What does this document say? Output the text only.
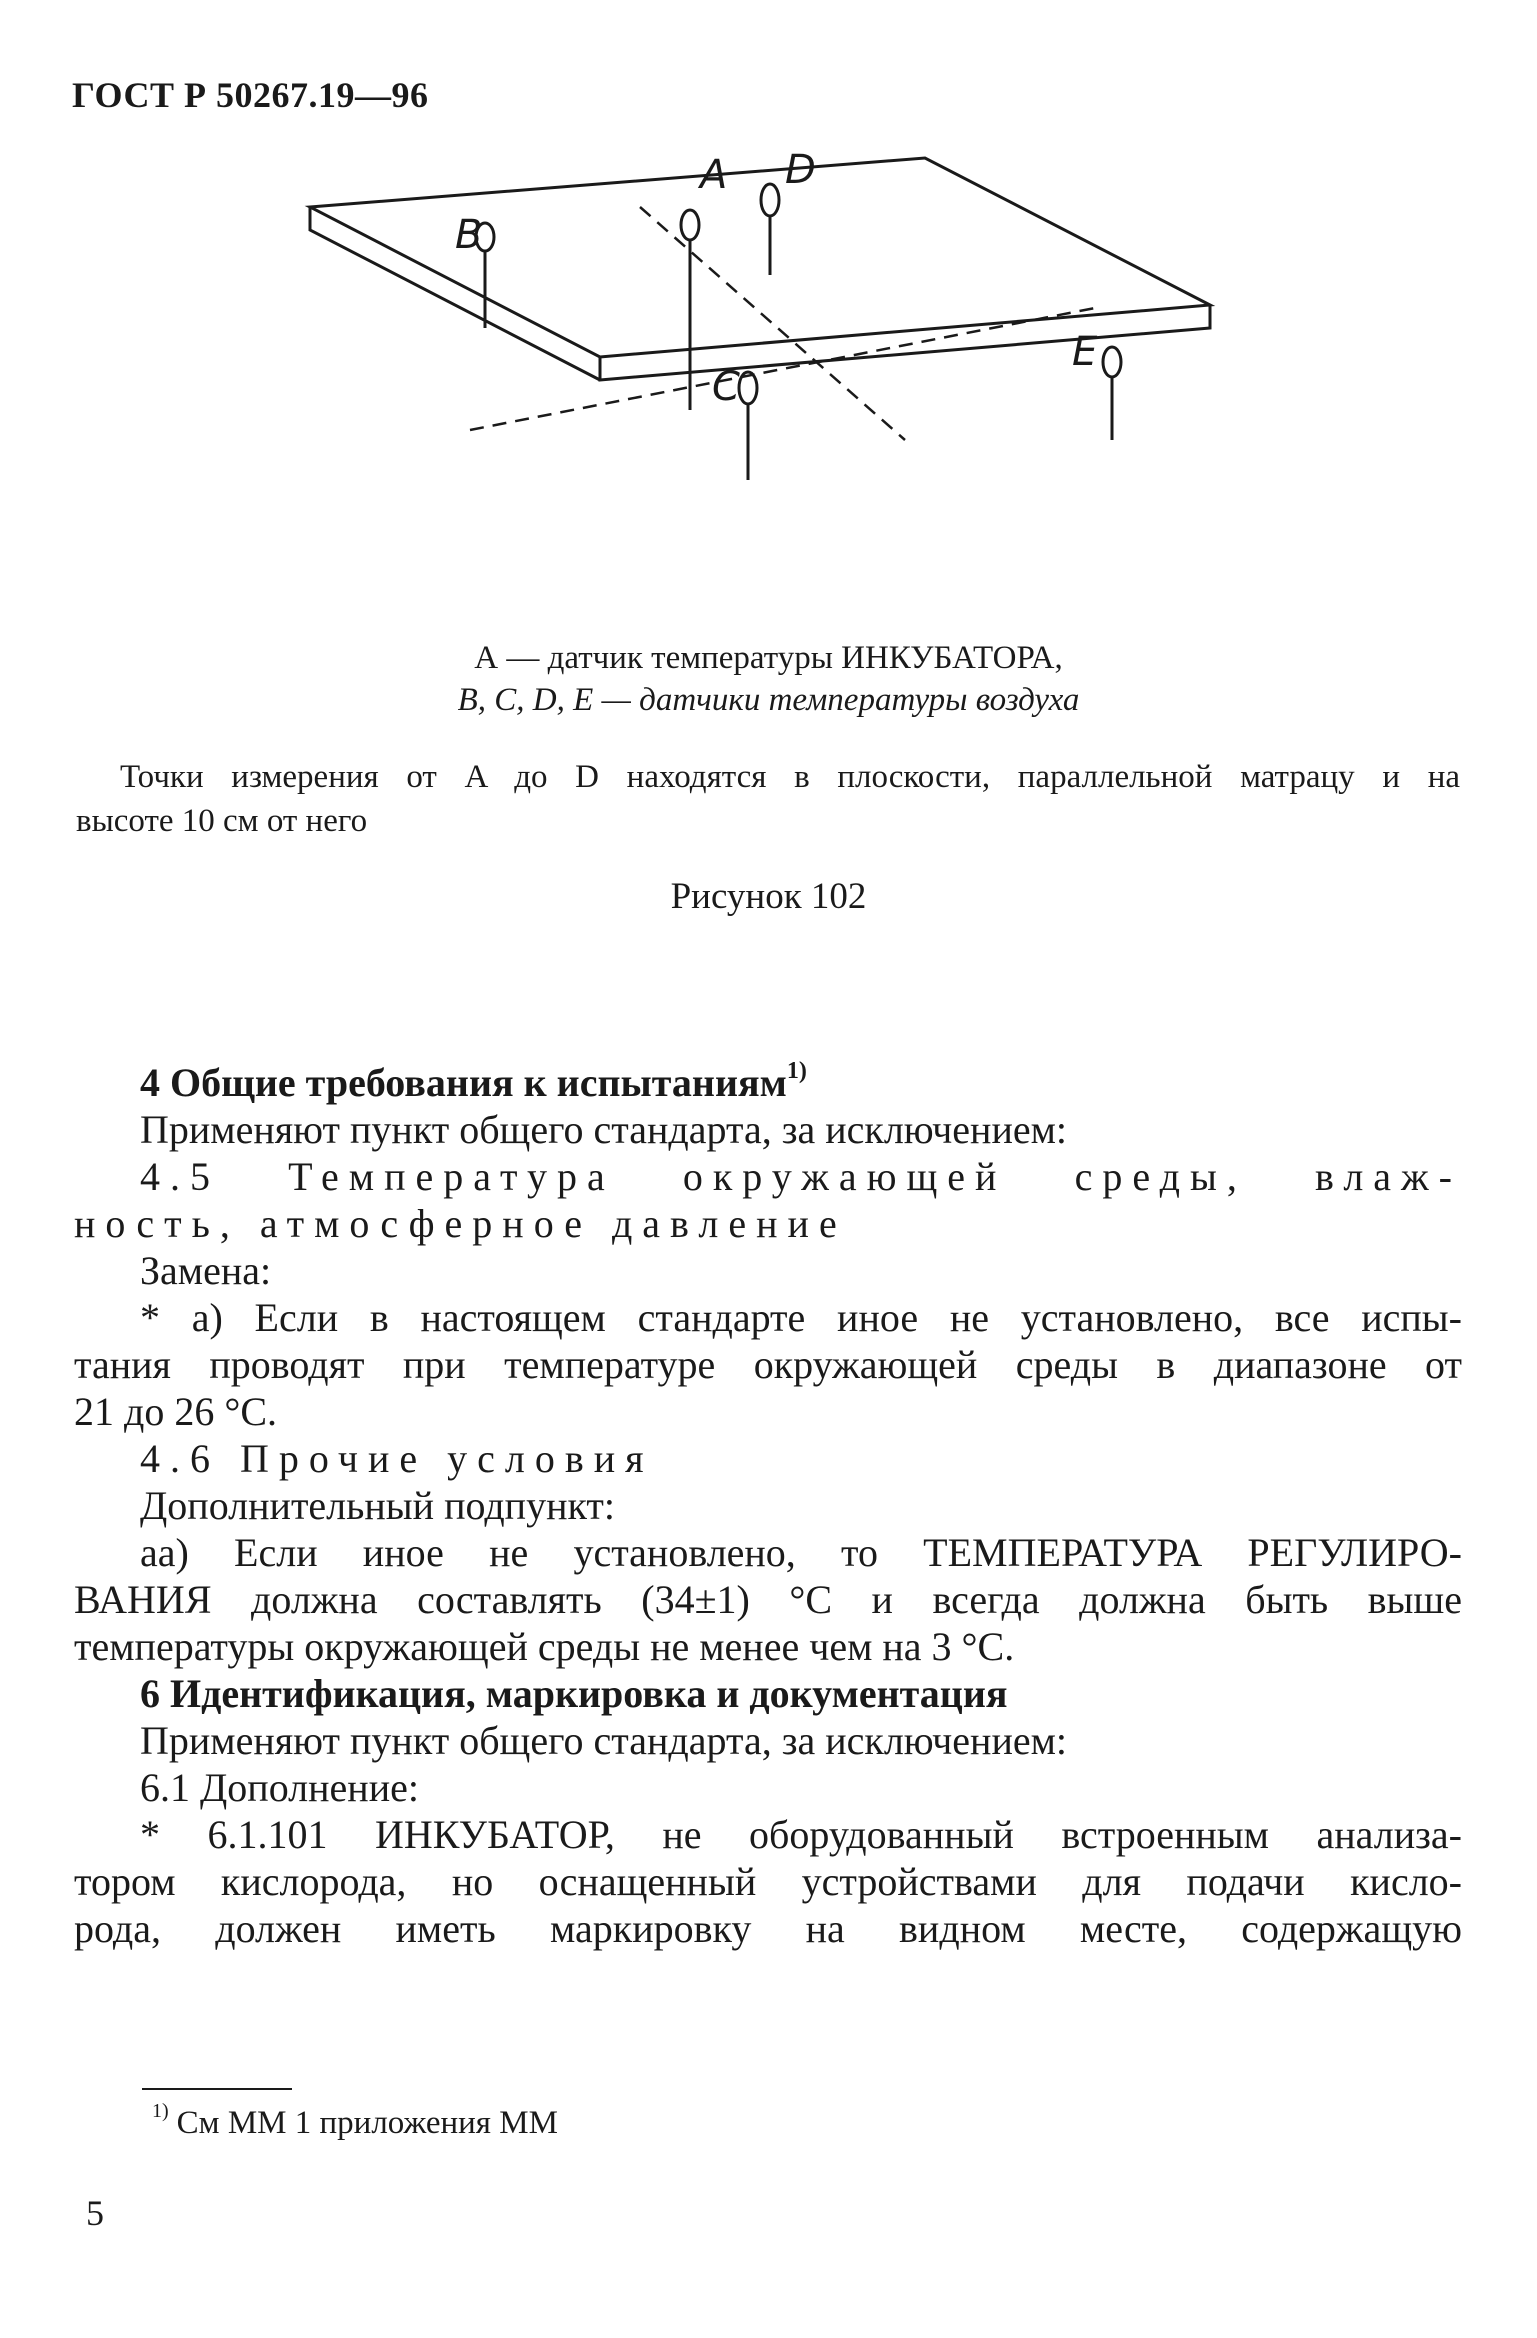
ГОСТ Р 50267.19—96
B
A D
C
E
А — датчик температуры ИНКУБАТОРА,
B, C, D, E — датчики температуры воздуха
Точки измерения от A до D находятся в плоскости, параллельной матрацу и на
высоте 10 см от него
Рисунок 102
4 Общие требования к испытаниям$^{1)}$
Применяют пункт общего стандарта, за исключением:
4.5 Температура окружающей среды, влаж-
ность, атмосферное давление
Замена:
* а) Если в настоящем стандарте иное не установлено, все испы-
тания проводят при температуре окружающей среды в диапазоне от
21 до 26 °С.
4.6 Прочие условия
Дополнительный подпункт:
аа) Если иное не установлено, то ТЕМПЕРАТУРА РЕГУЛИРО-
ВАНИЯ должна составлять (34±1) °С и всегда должна быть выше
температуры окружающей среды не менее чем на 3 °С.
6 Идентификация, маркировка и документация
Применяют пункт общего стандарта, за исключением:
6.1 Дополнение:
* 6.1.101 ИНКУБАТОР, не оборудованный встроенным анализа-
тором кислорода, но оснащенный устройствами для подачи кисло-
рода, должен иметь маркировку на видном месте, содержащую
$^{1)}$ См ММ 1 приложения ММ
5
